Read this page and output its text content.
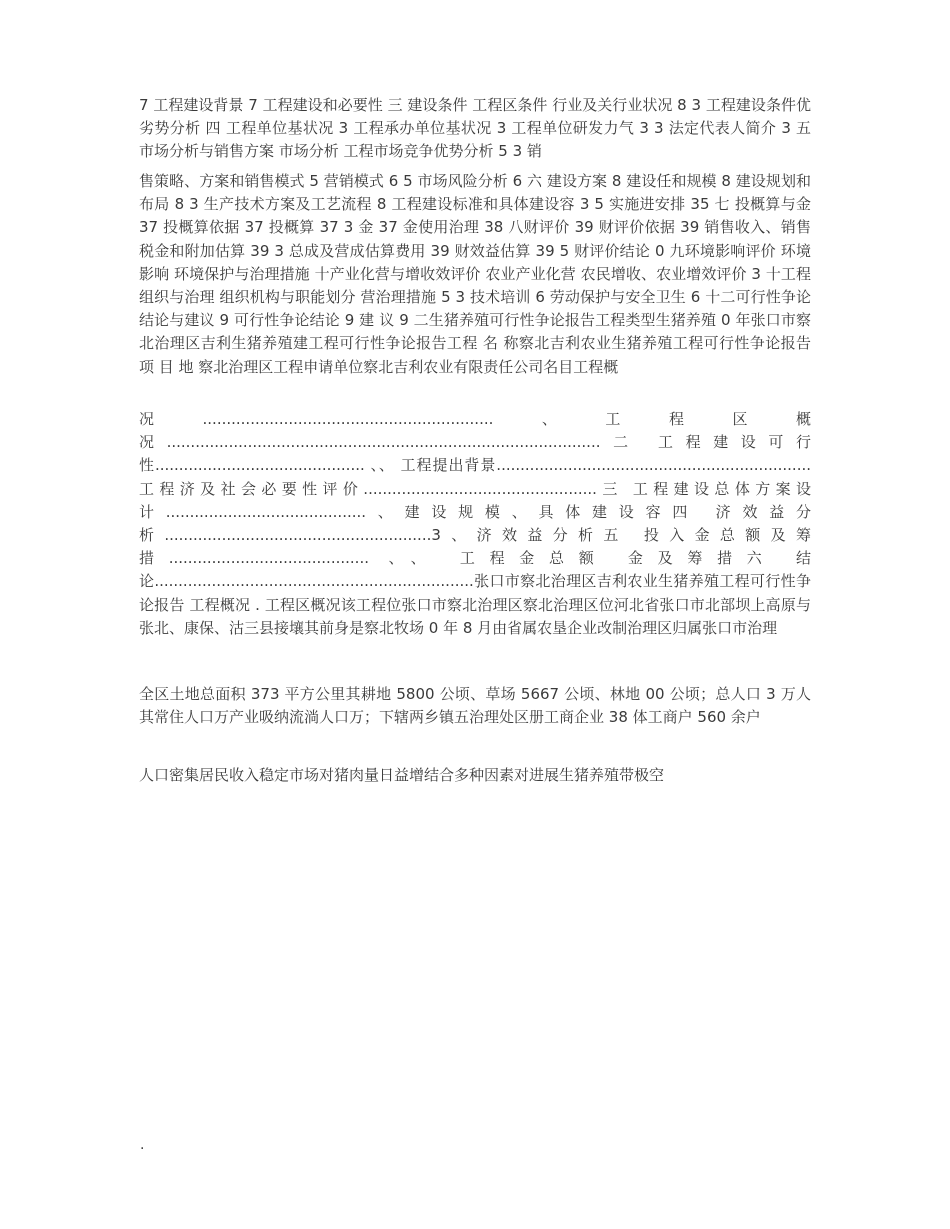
7 工程建设背景 7 工程建设和必要性 三 建设条件 工程区条件 行业及关行业状况 8 3 工程建设条件优劣势分析 四 工程单位基状况 3 工程承办单位基状况 3 工程单位研发力气 3 3 法定代表人简介 3 五 市场分析与销售方案 市场分析 工程市场竞争优势分析 5 3 销

售策略、方案和销售模式 5 营销模式 6 5 市场风险分析 6 六 建设方案 8 建设任和规模 8 建设规划和布局 8 3 生产技术方案及工艺流程 8 工程建设标准和具体建设容 3 5 实施进安排 35 七 投概算与金 37 投概算依据 37 投概算 37 3 金 37 金使用治理 38 八财评价 39 财评价依据 39 销售收入、销售税金和附加估算 39 3 总成及营成估算费用 39 财效益估算 39 5 财评价结论 0 九环境影响评价 环境影响 环境保护与治理措施 十产业化营与增收效评价 农业产业化营 农民增收、农业增效评价 3 十工程组织与治理 组织机构与职能划分 营治理措施 5 3 技术培训 6 劳动保护与安全卫生 6 十二可行性争论结论与建议 9 可行性争论结论 9 建 议 9 二生猪养殖可行性争论报告工程类型生猪养殖 0 年张口市察北治理区吉利生猪养殖建工程可行性争论报告工程 名 称察北吉利农业生猪养殖工程可行性争论报告 项 目 地 察北治理区工程申请单位察北吉利农业有限责任公司名目工程概

况.............................................................、工程区概况...........................................................................................二 工程建设可行性............................................ 、、 工程提出背景..................................................................工程济及社会必要性评价.................................................三 工程建设总体方案设计..........................................、建设规模、具体建设容四 济效益分析........................................................3、济效益分析五 投入金总额及筹措.......................................... 、、 工程金总额 金及筹措六 结论...................................................................张口市察北治理区吉利农业生猪养殖工程可行性争论报告 工程概况 . 工程区概况该工程位张口市察北治理区察北治理区位河北省张口市北部坝上高原与张北、康保、沽三县接壤其前身是察北牧场 0 年 8 月由省属农垦企业改制治理区归属张口市治理

全区土地总面积 373 平方公里其耕地 5800 公顷、草场 5667 公顷、林地 00 公顷；总人口 3 万人其常住人口万产业吸纳流淌人口万；下辖两乡镇五治理处区册工商企业 38 体工商户 560 余户

人口密集居民收入稳定市场对猪肉量日益增结合多种因素对进展生猪养殖带极空

.
